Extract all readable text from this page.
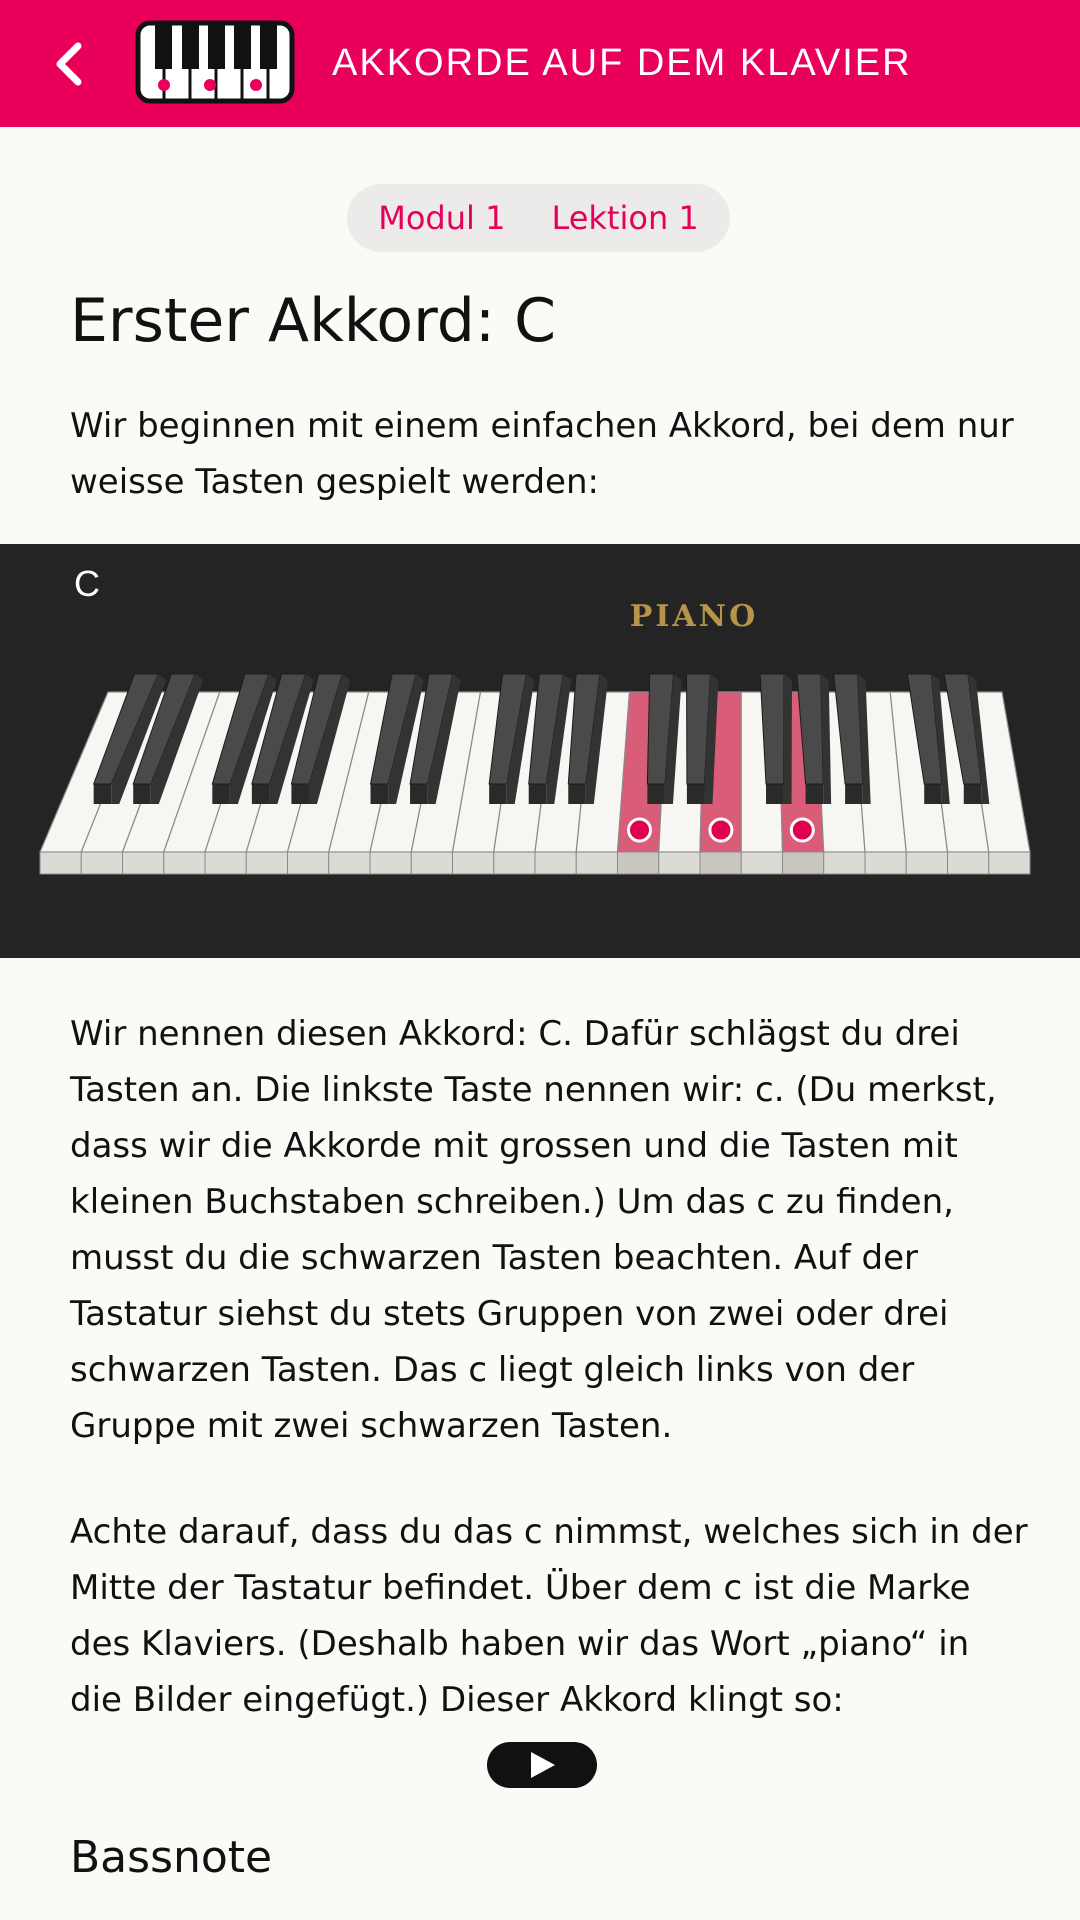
AKKORDE AUF DEM KLAVIER
Modul 1 Lektion 1
Erster Akkord: C

Wir beginnen mit einem einfachen Akkord, bei dem nur weisse Tasten gespielt werden:

C
PIANO

Wir nennen diesen Akkord: C. Dafür schlägst du drei Tasten an. Die linkste Taste nennen wir: c. (Du merkst, dass wir die Akkorde mit grossen und die Tasten mit kleinen Buchstaben schreiben.) Um das c zu finden, musst du die schwarzen Tasten beachten. Auf der Tastatur siehst du stets Gruppen von zwei oder drei schwarzen Tasten. Das c liegt gleich links von der Gruppe mit zwei schwarzen Tasten.

Achte darauf, dass du das c nimmst, welches sich in der Mitte der Tastatur befindet. Über dem c ist die Marke des Klaviers. (Deshalb haben wir das Wort „piano“ in die Bilder eingefügt.) Dieser Akkord klingt so:

Bassnote
